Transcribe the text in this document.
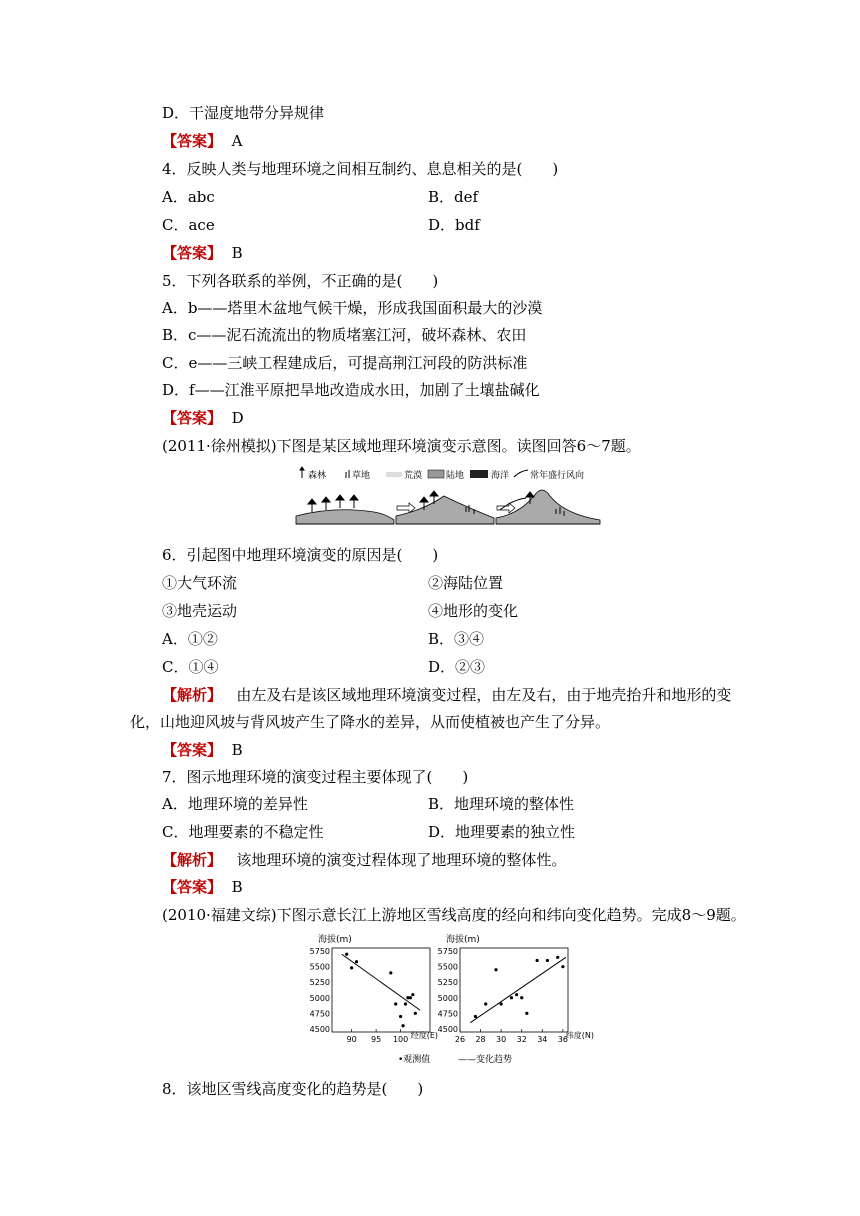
D．干湿度地带分异规律
【答案】 A
4．反映人类与地理环境之间相互制约、息息相关的是(　　)
A．abc	B．def
C．ace	D．bdf
【答案】 B
5．下列各联系的举例，不正确的是(　　)
A．b——塔里木盆地气候干燥，形成我国面积最大的沙漠
B．c——泥石流流出的物质堵塞江河，破坏森林、农田
C．e——三峡工程建成后，可提高荆江河段的防洪标准
D．f——江淮平原把旱地改造成水田，加剧了土壤盐碱化
【答案】 D
(2011·徐州模拟)下图是某区域地理环境演变示意图。读图回答6～7题。
森林	草地	荒漠	陆地	海洋 常年盛行风向
6．引起图中地理环境演变的原因是(　　)
①大气环流	②海陆位置
③地壳运动	④地形的变化
A．①②	B．③④
C．①④	D．②③
【解析】 由左及右是该区域地理环境演变过程，由左及右，由于地壳抬升和地形的变
化，山地迎风坡与背风坡产生了降水的差异，从而使植被也产生了分异。
【答案】 B
7．图示地理环境的演变过程主要体现了(　　)
A．地理环境的差异性	B．地理环境的整体性
C．地理要素的不稳定性	D．地理要素的独立性
【解析】 该地理环境的演变过程体现了地理环境的整体性。
【答案】 B
(2010·福建文综)下图示意长江上游地区雪线高度的经向和纬向变化趋势。完成8～9题。
海拔(m)
4500
4750
5000
5250
5500
5750
90 95 100 经度(E)
海拔(m)
4500
4750
5000
5250
5500
5750
26 28 30 32 34 36
纬度(N)
•观测值	——变化趋势
8．该地区雪线高度变化的趋势是(　　)
